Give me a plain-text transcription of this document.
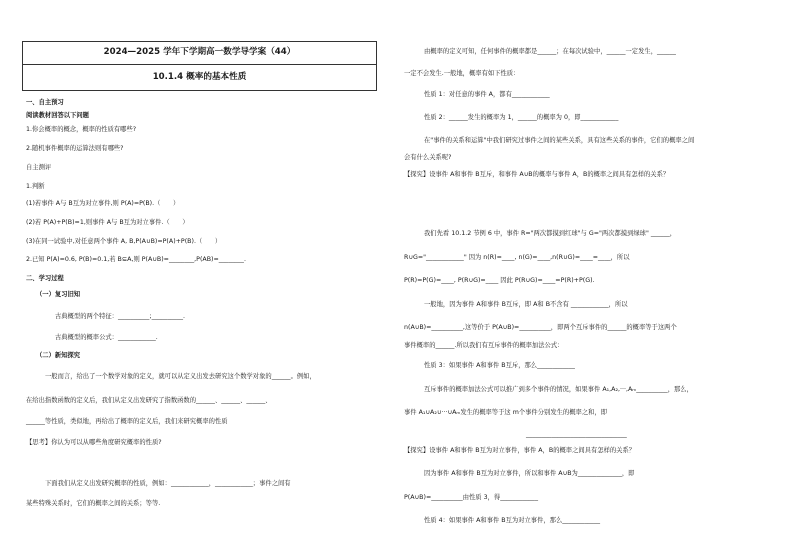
2024—2025 学年下学期高一数学导学案（44）
10.1.4 概率的基本性质
一、自主预习
阅读教材回答以下问题
1.你会概率的概念，概率的性质有哪些?
2.随机事件概率的运算法则有哪些?
自主测评
1.判断
(1)若事件 A与 B互为对立事件,则 P(A)=P(B).（　　）
(2)若 P(A)+P(B)=1,则事件 A与 B互为对立事件.（　　）
(3)在同一试验中,对任意两个事件 A, B,P(A∪B)=P(A)+P(B).（　　）
2.已知 P(A)=0.6, P(B)=0.1,若 B⊆A,则 P(A∪B)=________,P(AB)=________.
二、学习过程
（一）复习旧知
古典概型的两个特征：__________;__________.
古典概型的概率公式：____________.
（二）新知探究
一般而言，给出了一个数学对象的定义，就可以从定义出发去研究这个数学对象的______。例如，
在给出指数函数的定义后，我们从定义出发研究了指数函数的______、______、______、
______等性质，类似地，再给出了概率的定义后，我们来研究概率的性质
【思考】你认为可以从哪些角度研究概率的性质?
下面我们从定义出发研究概率的性质，例如：____________，____________；事件之间有
某些特殊关系时，它们的概率之间的关系；等等.
由概率的定义可知，任何事件的概率都是______；在每次试验中，______一定发生，______
一定不会发生.一般地，概率有如下性质：
性质 1：对任意的事件 A，都有____________
性质 2：______发生的概率为 1，______的概率为 0，即____________
在"事件的关系和运算"中我们研究过事件之间的某些关系，具有这些关系的事件，它们的概率之间
会有什么关系呢?
【探究】设事件 A和事件 B互斥，和事件 A∪B的概率与事件 A，B的概率之间具有怎样的关系？
我们先看 10.1.2 节例 6 中，事件 R="两次都摸到红球"与 G="两次都摸到绿球" ______，
R∪G="____________" 因为 n(R)=____, n(G)=____,n(R∪G)=____=____，所以
P(R)=P(G)=____, P(R∪G)=____ 因此 P(R∪G)=____=P(R)+P(G).
一般地，因为事件 A和事件 B互斥，即 A和 B不含有 ____________，所以
n(A∪B)=__________,这等价于 P(A∪B)=__________，即两个互斥事件的______的概率等于这两个
事件概率的______.所以我们有互斥事件的概率加法公式：
性质 3：如果事件 A和事件 B互斥，那么____________
互斥事件的概率加法公式可以推广到多个事件的情况，如果事件 A₁,A₂,···,Aₘ__________，那么，
事件 A₁∪A₂∪···∪Aₘ发生的概率等于这 m个事件分别发生的概率之和，即
________________________________
【探究】设事件 A和事件 B互为对立事件，事件 A，B的概率之间具有怎样的关系？
因为事件 A和事件 B互为对立事件，所以和事件 A∪B为______________，即
P(A∪B)=__________由性质 3，得____________
性质 4：如果事件 A和事件 B互为对立事件，那么____________
